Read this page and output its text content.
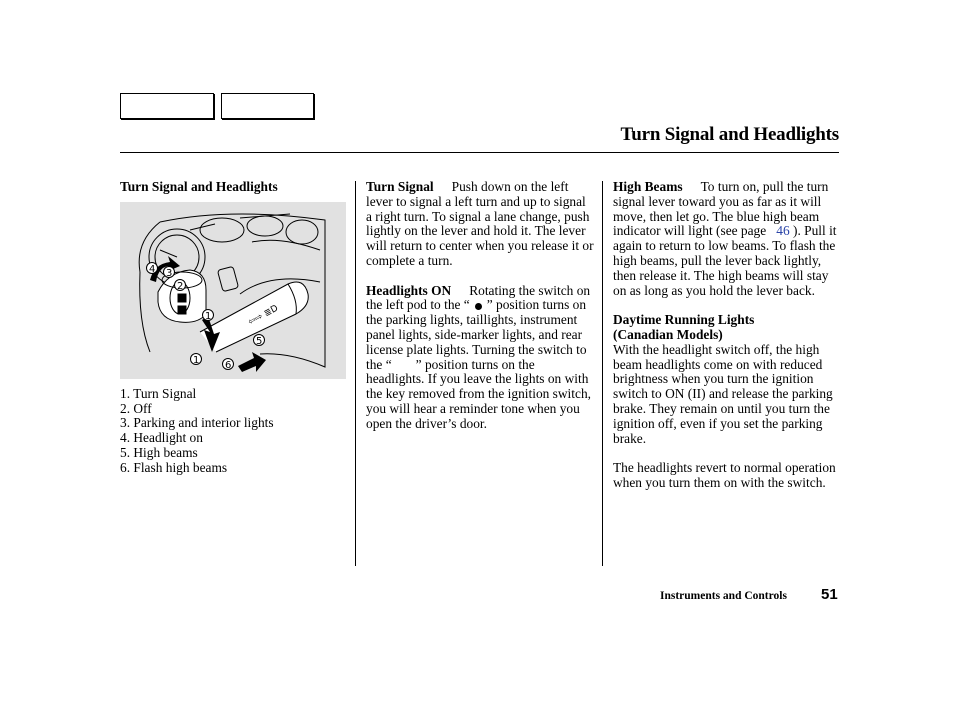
Turn Signal and Headlights
Turn Signal and Headlights
⇦⇨ ≣D
4
2
3
1
1
5
6
1. Turn Signal
2. Off
3. Parking and interior lights
4. Headlight on
5. High beams
6. Flash high beams

Turn Signal Push down on the left lever to signal a left turn and up to signal a right turn. To signal a lane change, push lightly on the lever and hold it. The lever will return to center when you release it or complete a turn.

Headlights ON Rotating the switch on the left pod to the “ ” position turns on the parking lights, taillights, instrument panel lights, side-marker lights, and rear license plate lights. Turning the switch to the “ ” position turns on the headlights. If you leave the lights on with the key removed from the ignition switch, you will hear a reminder tone when you open the driver’s door.

High Beams To turn on, pull the turn signal lever toward you as far as it will move, then let go. The blue high beam indicator will light (see page 46 ). Pull it again to return to low beams. To flash the high beams, pull the lever back lightly, then release it. The high beams will stay on as long as you hold the lever back.

Daytime Running Lights
(Canadian Models)

With the headlight switch off, the high beam headlights come on with reduced brightness when you turn the ignition switch to ON (II) and release the parking brake. They remain on until you turn the ignition off, even if you set the parking brake.

The headlights revert to normal operation when you turn them on with the switch.

Instruments and Controls 51
